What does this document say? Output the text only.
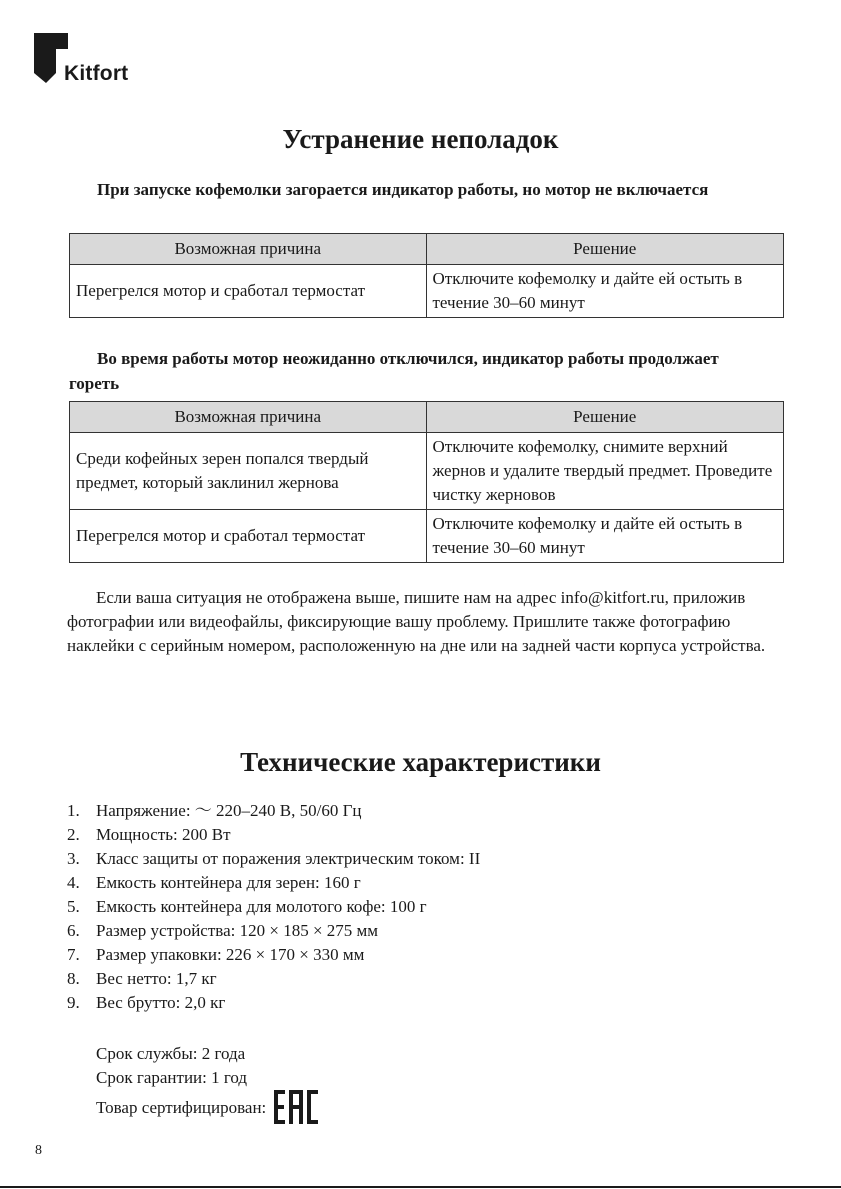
Kitfort
Устранение неполадок

При запуске кофемолки загорается индикатор работы, но мотор не включается

Возможная причина	Решение
Перегрелся мотор и сработал термостат	Отключите кофемолку и дайте ей остыть в течение 30–60 минут

Во время работы мотор неожиданно отключился, индикатор работы продолжает гореть

Возможная причина	Решение
Среди кофейных зерен попался твердый предмет, который заклинил жернова	Отключите кофемолку, снимите верхний жернов и удалите твердый предмет. Проведите чистку жерновов
Перегрелся мотор и сработал термостат	Отключите кофемолку и дайте ей остыть в течение 30–60 минут

Если ваша ситуация не отображена выше, пишите нам на адрес info@kitfort.ru, приложив фотографии или видеофайлы, фиксирующие вашу проблему. Пришлите также фотографию наклейки с серийным номером, расположенную на дне или на задней части корпуса устройства.

Технические характеристики
1. Напряжение: ～ 220–240 В, 50/60 Гц
2. Мощность: 200 Вт
3. Класс защиты от поражения электрическим током: II
4. Емкость контейнера для зерен: 160 г
5. Емкость контейнера для молотого кофе: 100 г
6. Размер устройства: 120 × 185 × 275 мм
7. Размер упаковки: 226 × 170 × 330 мм
8. Вес нетто: 1,7 кг
9. Вес брутто: 2,0 кг
Срок службы: 2 года
Срок гарантии: 1 год
Товар сертифицирован:
8
